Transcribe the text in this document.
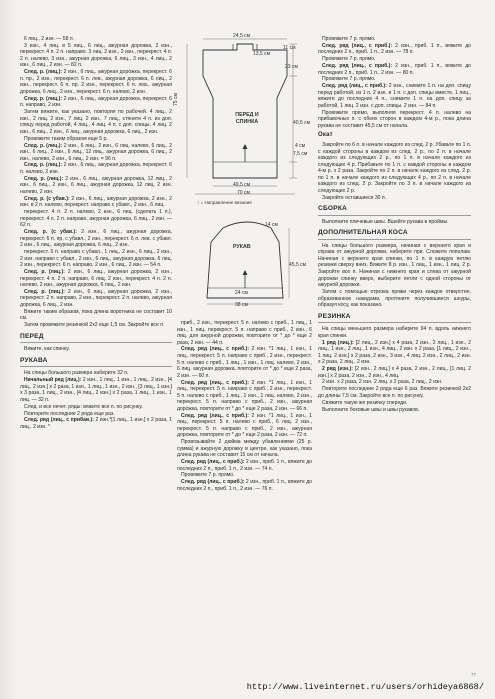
6 лиц., 2 изн. — 58 п.

3 изн., 4 лиц. в 5 лиц., 6 лиц., ажурная дорожка, 2 изн., перекрест. 4 п. 2 п. направо. 3 лиц. 2 изн., 2 изн., перекрест. 4 п. 2 п. налево, 3 изн., ажурная дорожка, 6 лиц., 3 изн., 4 лиц., 2 изн., 6 лиц., 2 изн. — 82 п.

След. р. (лиц.): 2 изн., 6 лиц., ажурная дорожка, перекрест. 6 п. пр., 2 изн., перекрест. 6 п. лев., ажурная дорожка, 6 лиц., 2 изн., перекрест. 6 п. пр. 2 изн., перекрест. 6 п. лев., ажурная дорожка, 6 лиц., 2 изн., перекрест. 6 п. налево, 2 изн.

След. р. (лиц.): 2 изн., 6 лиц., ажурная дорожка, перекрест. 6 п. направо, 2 изн.

Затем вяжите, как указано, повторяя по рабочей. 4 лиц., 2 изн., 2 лиц. 2 изн., 7 лиц. 2 изн., 7 лиц., стяните 4 п. из доп. спицу перед работой, 4 лиц., 4 лиц. 4 п. с доп. спицы, 4 лиц. 2 изн., 6 лиц., 2 изн., 6 лиц., ажурная дорожка, 6 лиц., 2 изн.

Провяжите таким образом еще 5 р.

След. р. (лиц.): 2 изн., 6 лиц., 2 изн., 6 лиц. налево, 6 лиц., 2 изн., 6 лиц., 2 изн., 6 лиц., 12 лиц., ажурная дорожка, 6 лиц., 2 изн., налево, 2 изн., 6 лиц., 2 изн. = 96 п.

След. р. (лиц.): 2 изн., 6 лиц., ажурная дорожка, перекрест. 6 п. налево, 2 изн.

След. р. (лиц.): 2 изн., 6 лиц., ажурная дорожка, 12 лиц., 2 изн., 6 лиц., 2 изн., 6 лиц., ажурная дорожка, 12 лиц. 2 изн. налево, 2 изн.

След. р. (с убав.): 2 изн., 6 лиц., ажурная дорожка, 2 изн., 2 изн. в 2 п. налево, перекрест. направо с убавл., 2 изн., 6 лиц.

перекрест. 4 п. 2 п. налево, 2 изн., 6 лиц. (сделать 1 п.), перекрест. 4 п. 2 п. направо, ажурная дорожка, 6 лиц., 2 изн. — 62 п.

След. р. (с убав.): 2 изн., 6 лиц., ажурная дорожка, перекрест. 6 п. пр. с убавл., 2 изн., перекрест. 6 п. лев. с убавл. 2 изн., 6 лиц., ажурная дорожка, 6 лиц., 2 изн.

перекрест. 6 п. направо с убавл., 1 лиц., 2 изн., 6 лиц., 2 изн., 2 изн. направо с убавл., 2 изн., 6 лиц., ажурная дорожка, 6 лиц. 2 изн., перекрест. 6 п. направо, 2 изн., 6 лиц., 2 изн. — 54 п.

След. р. (лиц.): 2 изн., 6 лиц., ажурная дорожка, 2 изн., перекрест. 4 п. 2 п. направо, 6 лиц. 2 изн., перекрест. 4 п. 2 п. налево, 2 изн., ажурная дорожка, 6 лиц., 2 изн.

След. р. (лиц.): 2 изн., 6 лиц., ажурная дорожка, 2 изн., перекрест. 2 п. направо, 2 изн., перекрест. 2 п. налево, ажурная дорожка, 6 лиц., 2 изн.

Вяжите таким образом, пока длина воротника не составит 10 см.

Затем провяжите резинкой 2x2 еще 1,5 см. Закройте все п.

ПЕРЕД

Вяжите, как спинку.

РУКАВА

На спицы большого размера наберите 32 п.

Начальный ряд (лиц.): 2 изн., 1 лиц., 1 изн., 1 лиц., 2 изн., [4 лиц., 2 изн.] x 2 раза, 1 изн., 1 лиц., 1 изн., 2 изн., [3 лиц., 1 изн.] x 3 раза, 1 лиц., 2 изн., [4 лиц., 2 изн.] x 2 раза, 1 лиц., 1 изн., 1 лиц. — 32 п.

След. и все нечет. ряды: вяжите все п. по рисунку.

Повторите последние 2 ряда еще раз.

След. ряд (лиц., с прибав.): 2 изн.*[1 лиц., 1 изн.] x 2 раза, 1 лиц., 2 изн. *

24,5 см
13,5 см
11 см
23 см
40,5 см
4 см
7,5 см
75 см
ПЕРЕД И СПИНКА
49,5 см
70 см
↑ = Направление вязания
РУКАВ
14 см
45,5 см
24 см
38 см

приб., 2 изн., перекрест. 5 п. налево с приб., 1 лиц., 1 изн., 1 лиц. перекрест. 5 п. направо с приб., 2 изн., 6 лиц. для ажурной дорожки, повторите от * до * еще 2 раза, 2 изн. — 44 п.

След. ряд (лиц., с приб.): 2 изн. *1 лиц., 1 изн., 1 лиц., перекрест. 5 п. направо с приб., 2 изн., перекрест. 5 п. налево с приб., 1 лиц., 1 изн., 1 лиц. налево, 2 изн., 6 лиц. ажурная дорожка, повторите от * до * еще 2 раза, 2 изн. — 60 п.

След. ряд (лиц., с приб.): 2 изн. *1 лиц., 1 изн., 1 лиц., перекрест. 5 п. направо с приб., 2 изн., перекрест. 5 п. налево с приб., 1 лиц., 1 изн., 1 лиц. налево, 2 изн., перекрест. 5 п. направо с приб., 2 изн., ажурная дорожка, повторите от * до * еще 2 раза, 2 изн. — 66 п.

След. ряд (лиц., с приб.): 2 изн. *1 лиц., 1 изн., 1 лиц., перекрест. 5 п. налево с приб., 6 лиц. 2 изн., перекрест. 5 п. направо с приб., 2 изн., ажурная дорожка, повторите от * до * еще 2 раза, 2 изн. — 72 п.

Провязывайте 2 дюйма между убавлениями (25 р. сумма) и ажурную дорожку в центре, как указано, пока длина рукава не составит 15 см от начала.

След. ряд (лиц., с приб.): 2 изн., приб. 1 п., вяжите до последних 2 п., приб. 1 п., 2 изн. — 74 п.

Провяжите 7 р. прямо.

След. ряд (лиц., с приб.): 2 изн., приб. 1 п., вяжите до последних 2 п., приб. 1 п., 2 изн. — 76 п.

Провяжите 7 р. прямо.

След. ряд (лиц., с приб.): 2 изн., приб. 1 п., вяжите до последних 2 п., приб. 1 п., 2 изн. — 78 п.

Провяжите 7 р. прямо.

След. ряд (лиц., с приб.): 2 изн., приб. 1 п., вяжите до последних 2 п., приб. 1 п., 2 изн. — 80 п.

Провяжите 7 р. прямо.

След. ряд (лиц., с приб.): 2 изн., снимите 1 п. на доп. спицу перед работой, из 1 п. 2 изн. и 1 п. с доп. спицы вместе, 1 лиц., вяжите до последних 4 п., снимите 1 п. на доп. спицу за работой, 1 лиц. 2 изн. с доп. спицы. 2 изн. — 84 п.

Провяжите прямо, выполняя перекрест. 4 п. налево на прибавочных п. с обеих сторон в каждом 4-м р., пока длина рукава не составит 45,5 см от начала.

Окат

Закройте по 6 п. в начале каждого из след. 2 р. Убавьте по 1 п. с каждой стороны в каждом из след. 2 р., по 2 п. в начале каждого из следующих 2 р., по 1 п. в начале каждого из следующих 4 р. Прибавьте по 1 п. с каждой стороны в каждом 4-м р. x 2 раза. Закройте по 2 п. в начале каждого из след. 2 р. по 1 п. в начале каждого из следующих 4 р., по 2 п. в начале каждого из след. 2 р. Закройте по 3 п. в начале каждого из следующих 2 р.

Закройте оставшиеся 30 п.

СБОРКА

Выполните плечевые швы. Вшейте рукава в проймы.

ДОПОЛНИТЕЛЬНАЯ КОСА

На спицы большого размера, начиная с верхнего края и справа от ажурной дорожки, наберите при. Сложите пополам. Начиная с верхнего края спинки, по 1 п. в каждую петлю резинки сверху вниз. Вяжите 8 р. изн., 1 лиц., 1 изн., 1 лиц. 2 р. Закройте все п. Начиная с нижнего края и слева от ажурной дорожки спинку вверх, выберите петли с одной стороны от ажурной дорожки.

Затем с помощью отрезка пряжи через каждое отверстие, образованное накидами, протяните получившиеся шнуры, образуя косу, как показано.

РЕЗИНКА

На спицы меньшего размера наберите 94 п. вдоль нижнего края спинки.

1 ряд (лиц.): [2 лиц., 2 изн.] x 4 раза, 2 изн., 2 лиц., 1 изн., 2 лиц., 1 изн., 2 лиц., 1 изн., 4 лиц., 2 изн. x 2 раза, [1 лиц., 2 изн., 1 лиц. 2 изн.] x 2 раза, 2 изн., 3 изн., 4 лиц. 2 изн., 2 лиц., 2 изн. x 2 раза, 2 лиц., 2 изн.

2 ряд (изн.): [2 изн., 2 лиц.] x 4 раза, 2 изн., 2 лиц., [1 лиц. 2 изн.] x 2 раза, 2 изн., 2 изн., 4 лиц.

2 изн. x 2 раза, 2 изн. 2 лиц. x 2 раза, 2 лиц., 2 изн.

Повторите последние 2 ряда еще 6 раз. Вяжите резинкой 2x2 до длины 7,5 см. Закройте все п. по рисунку.

Свяжите такую же резинку спереди.

Выполните боковые швы и швы рукавов.

77
http://www.liveinternet.ru/users/orhideya6868/
